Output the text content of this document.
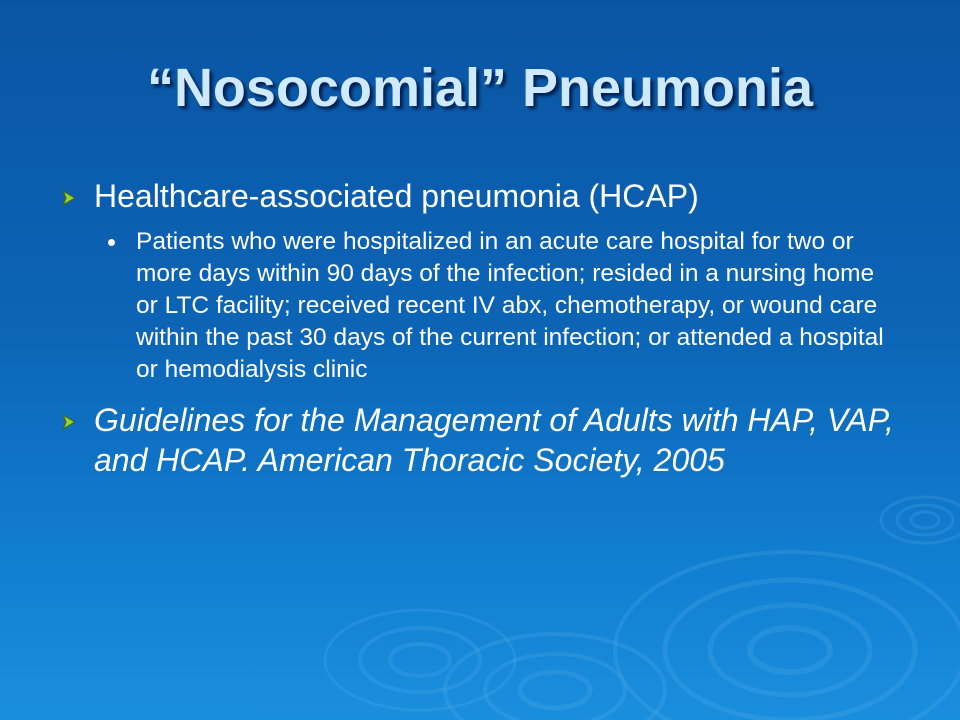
“Nosocomial” Pneumonia
Healthcare-associated pneumonia (HCAP)
Patients who were hospitalized in an acute care hospital for two or more days within 90 days of the infection; resided in a nursing home or LTC facility; received recent IV abx, chemotherapy, or wound care within the past 30 days of the current infection; or attended a hospital or hemodialysis clinic
Guidelines for the Management of Adults with HAP, VAP, and HCAP. American Thoracic Society, 2005
